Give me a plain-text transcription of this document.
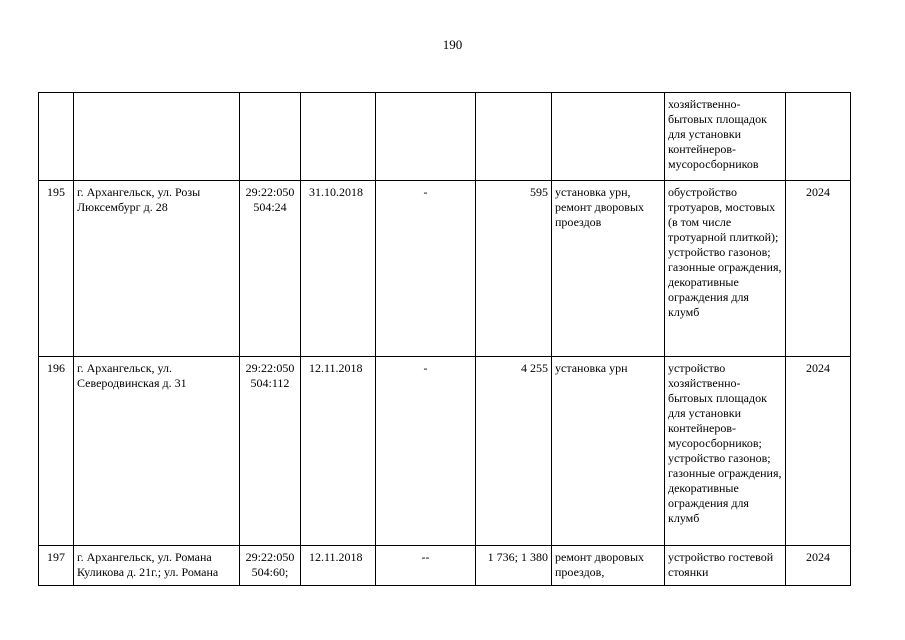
190
							хозяйственно-бытовых площадок для установки контейнеров-мусоросборников	
195	г. Архангельск, ул. Розы Люксембург д. 28	29:22:050504:24	31.10.2018	-	595	установка урн, ремонт дворовых проездов	обустройство тротуаров, мостовых (в том числе тротуарной плиткой); устройство газонов; газонные ограждения, декоративные ограждения для клумб	2024
196	г. Архангельск, ул. Северодвинская д. 31	29:22:050504:112	12.11.2018	-	4 255	установка урн	устройство хозяйственно-бытовых площадок для установки контейнеров-мусоросборников; устройство газонов; газонные ограждения, декоративные ограждения для клумб	2024
197	г. Архангельск, ул. Романа Куликова д. 21г.; ул. Романа	29:22:050504:60;	12.11.2018	--	1 736; 1 380	ремонт дворовых проездов,	устройство гостевой стоянки	2024
